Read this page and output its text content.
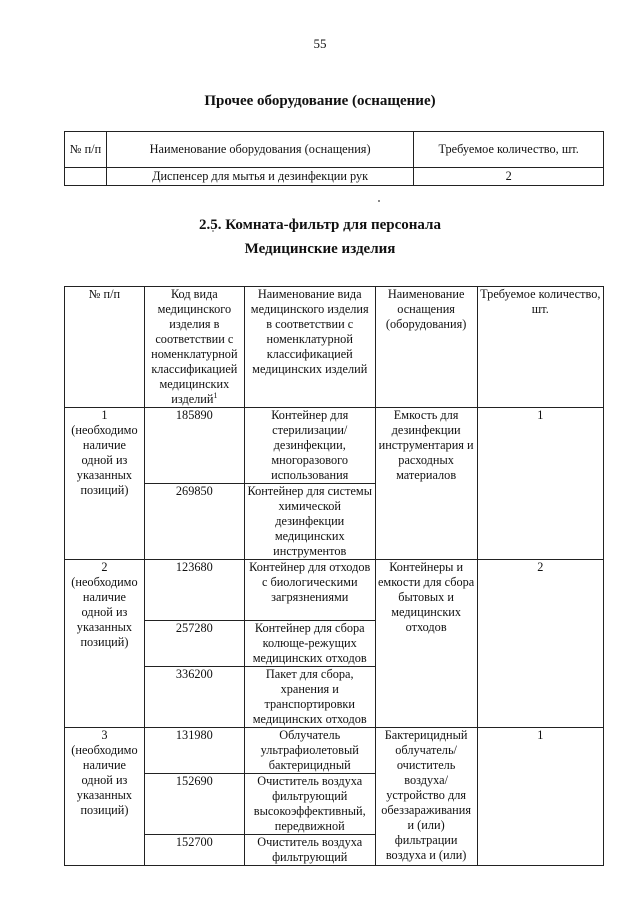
55
Прочее оборудование (оснащение)
№ п/п	Наименование оборудования (оснащения)	Требуемое количество, шт.
	Диспенсер для мытья и дезинфекции рук	2
2.5. Комната-фильтр для персонала
Медицинские изделия
№ п/п	Код вида медицинского изделия в соответствии с номенклатурной классификацией медицинских изделий$^1$	Наименование вида медицинского изделия в соответствии с номенклатурной классификацией медицинских изделий	Наименование оснащения (оборудования)	Требуемое количество, шт.
1 (необходимо наличие одной из указанных позиций)	185890	Контейнер для стерилизации/ дезинфекции, многоразового использования	Емкость для дезинфекции инструментария и расходных материалов	1
	269850	Контейнер для системы химической дезинфекции медицинских инструментов		
2 (необходимо наличие одной из указанных позиций)	123680	Контейнер для отходов с биологическими загрязнениями	Контейнеры и емкости для сбора бытовых и медицинских отходов	2
	257280	Контейнер для сбора колюще-режущих медицинских отходов		
	336200	Пакет для сбора, хранения и транспортировки медицинских отходов		
3 (необходимо наличие одной из указанных позиций)	131980	Облучатель ультрафиолетовый бактерицидный	Бактерицидный облучатель/ очиститель воздуха/ устройство для обеззараживания и (или) фильтрации воздуха и (или)	1
	152690	Очиститель воздуха фильтрующий высокоэффективный, передвижной		
	152700	Очиститель воздуха фильтрующий		
